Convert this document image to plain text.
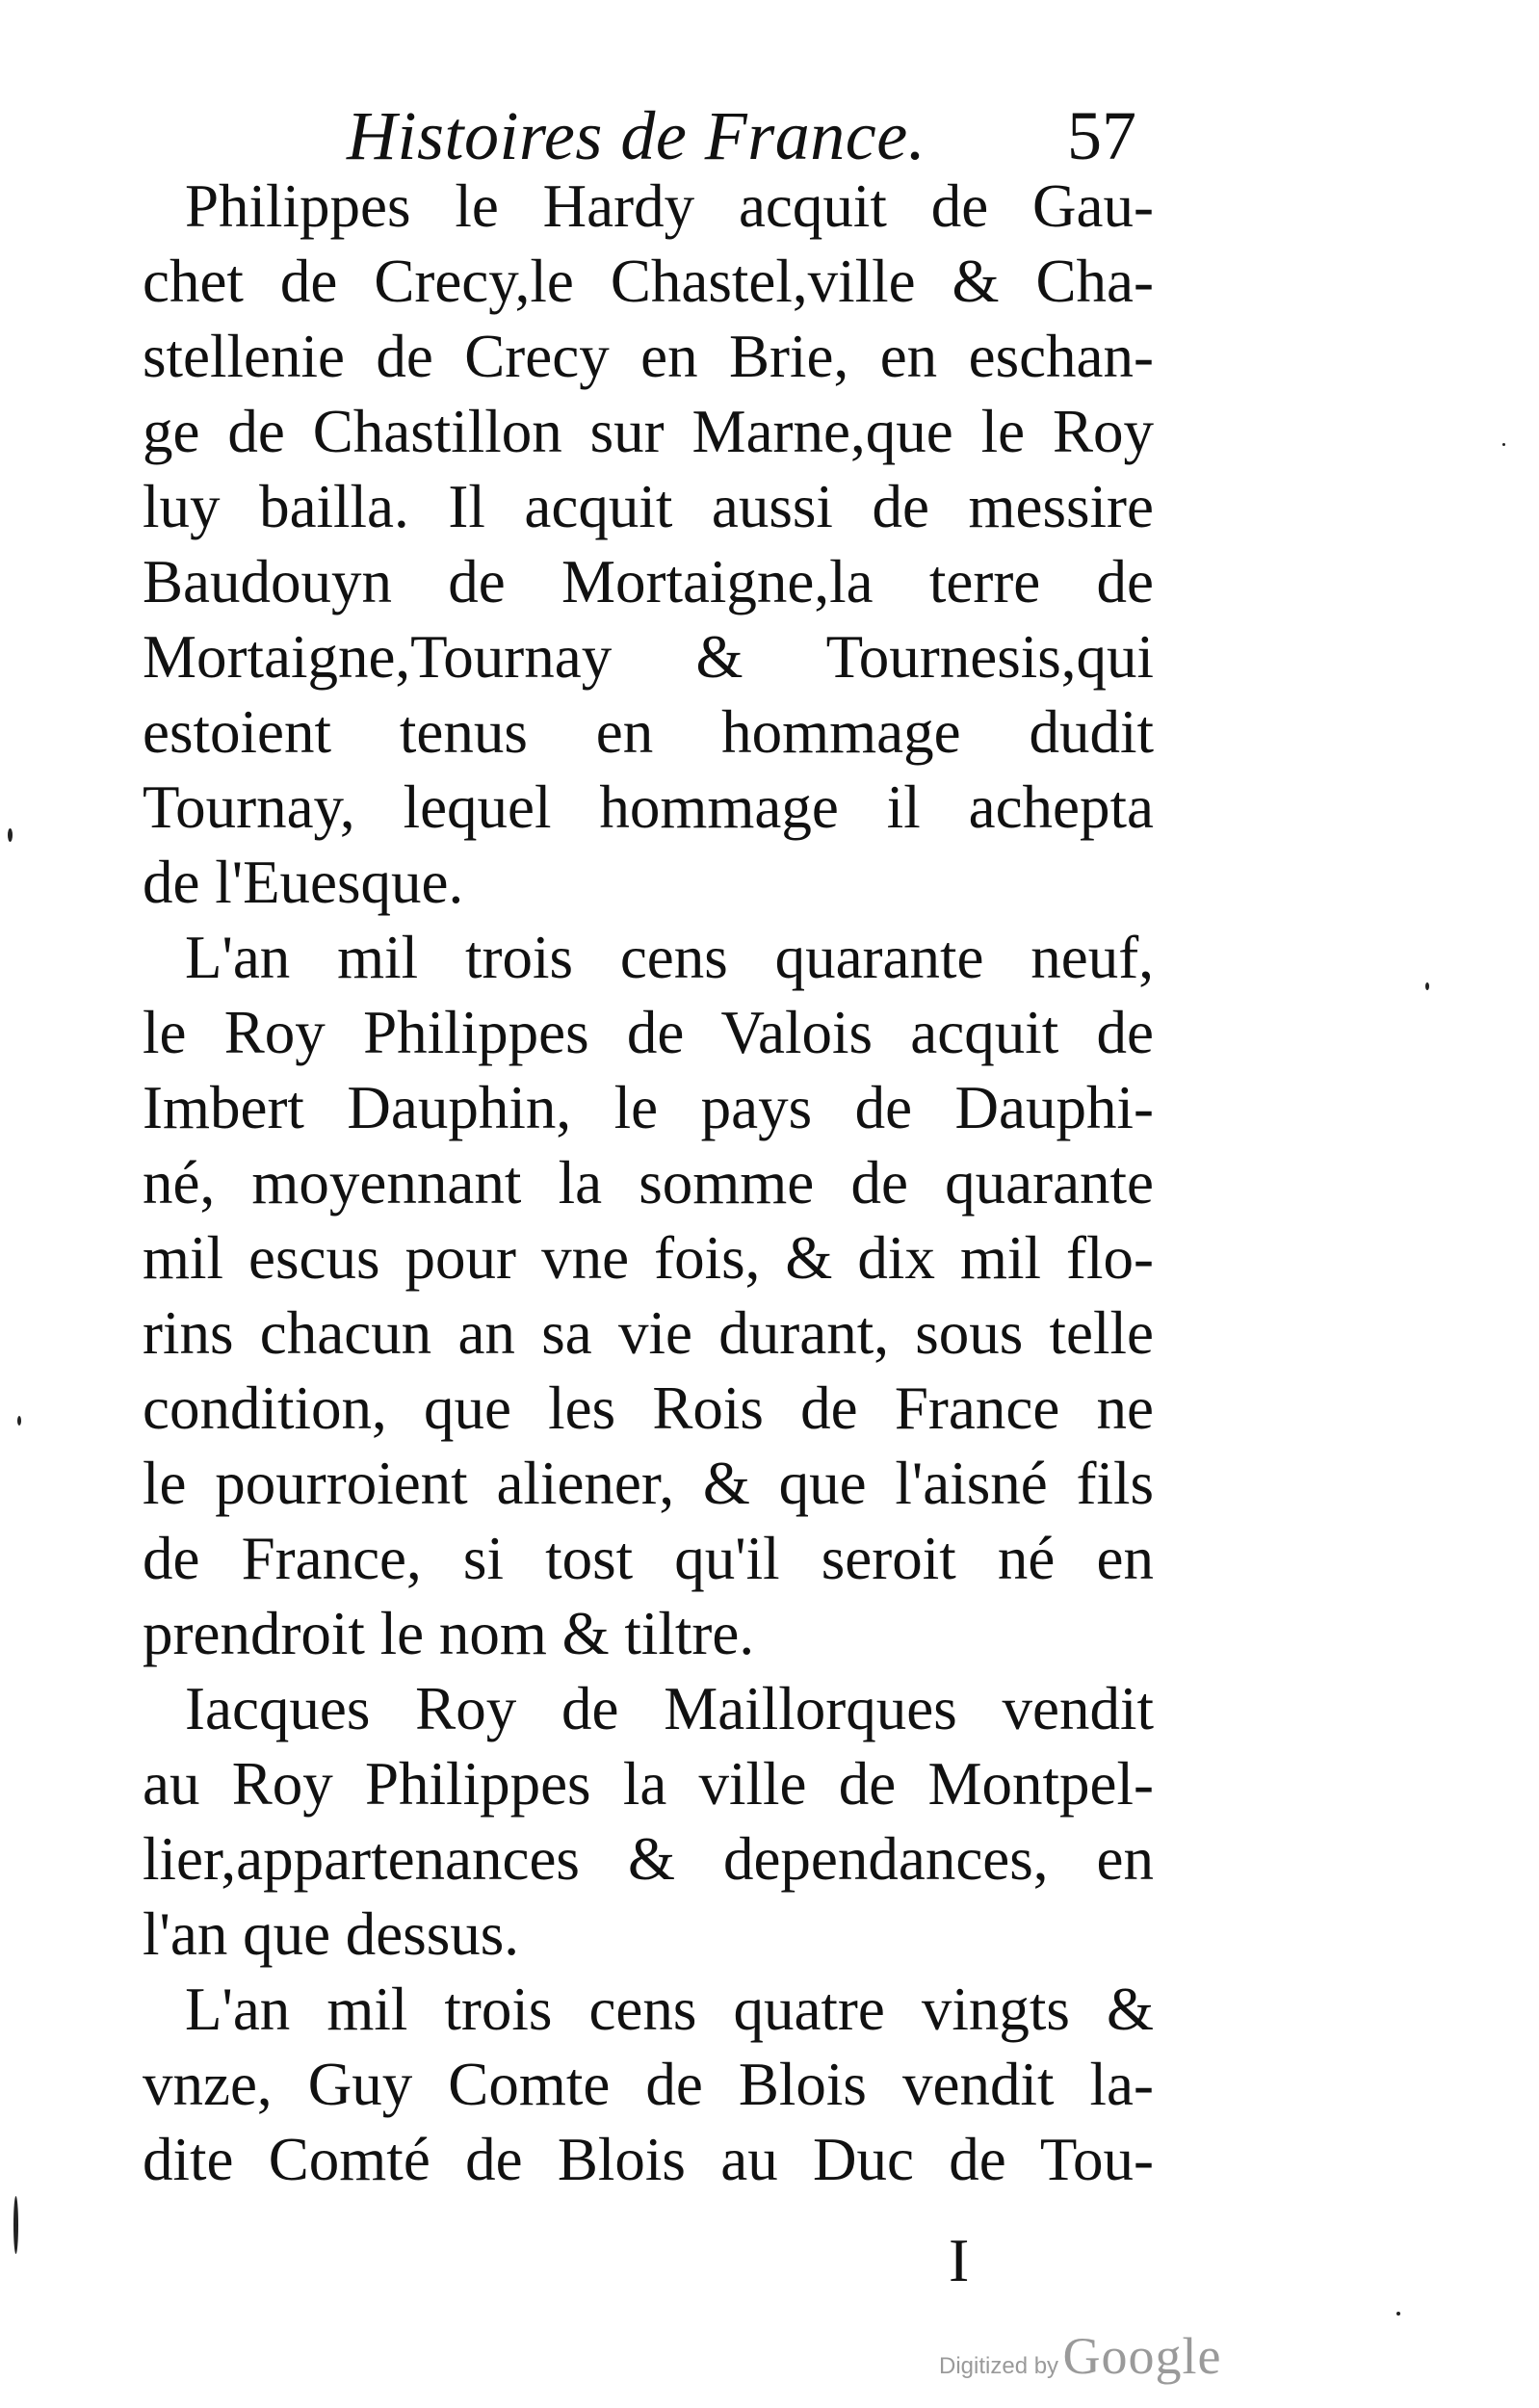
Histoires de France. 57

Philippes le Hardy acquit de Gau-
chet de Crecy,le Chastel,ville & Cha-
stellenie de Crecy en Brie, en eschan-
ge de Chastillon sur Marne,que le Roy
luy bailla. Il acquit aussi de messire
Baudouyn de Mortaigne,la terre de
Mortaigne,Tournay & Tournesis,qui
estoient tenus en hommage dudit
Tournay, lequel hommage il achepta
de l'Euesque.

L'an mil trois cens quarante neuf,
le Roy Philippes de Valois acquit de
Imbert Dauphin, le pays de Dauphi-
né, moyennant la somme de quarante
mil escus pour vne fois, & dix mil flo-
rins chacun an sa vie durant, sous telle
condition, que les Rois de France ne
le pourroient aliener, & que l'aisné fils
de France, si tost qu'il seroit né en
prendroit le nom & tiltre.

Iacques Roy de Maillorques vendit
au Roy Philippes la ville de Montpel-
lier,appartenances & dependances, en
l'an que dessus.

L'an mil trois cens quatre vingts &
vnze, Guy Comte de Blois vendit la-
dite Comté de Blois au Duc de Tou-

I
Digitized by Google
